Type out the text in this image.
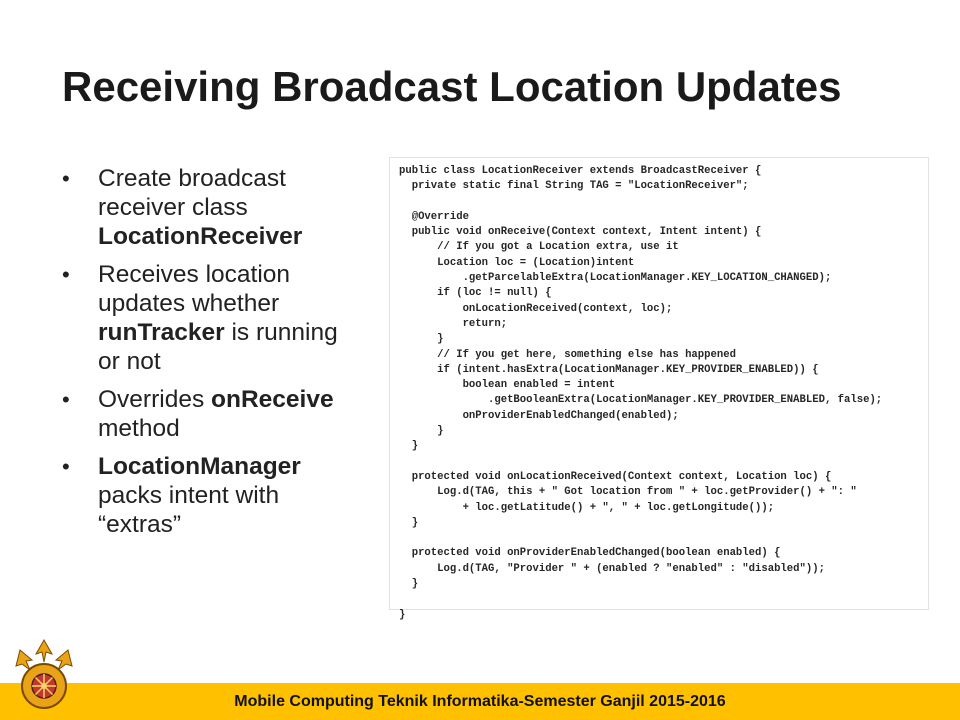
Receiving Broadcast Location Updates
• Create broadcast receiver class LocationReceiver
• Receives location updates whether runTracker is running or not
• Overrides onReceive method
• LocationManager packs intent with “extras”
public class LocationReceiver extends BroadcastReceiver {
private static final String TAG = "LocationReceiver";

@Override
public void onReceive(Context context, Intent intent) {
// If you got a Location extra, use it
Location loc = (Location)intent
.getParcelableExtra(LocationManager.KEY_LOCATION_CHANGED);
if (loc != null) {
onLocationReceived(context, loc);
return;
}
// If you get here, something else has happened
if (intent.hasExtra(LocationManager.KEY_PROVIDER_ENABLED)) {
boolean enabled = intent
.getBooleanExtra(LocationManager.KEY_PROVIDER_ENABLED, false);
onProviderEnabledChanged(enabled);
}
}

protected void onLocationReceived(Context context, Location loc) {
Log.d(TAG, this + " Got location from " + loc.getProvider() + ": "
+ loc.getLatitude() + ", " + loc.getLongitude());
}

protected void onProviderEnabledChanged(boolean enabled) {
Log.d(TAG, "Provider " + (enabled ? "enabled" : "disabled"));
}

}
Mobile Computing Teknik Informatika-Semester Ganjil 2015-2016
